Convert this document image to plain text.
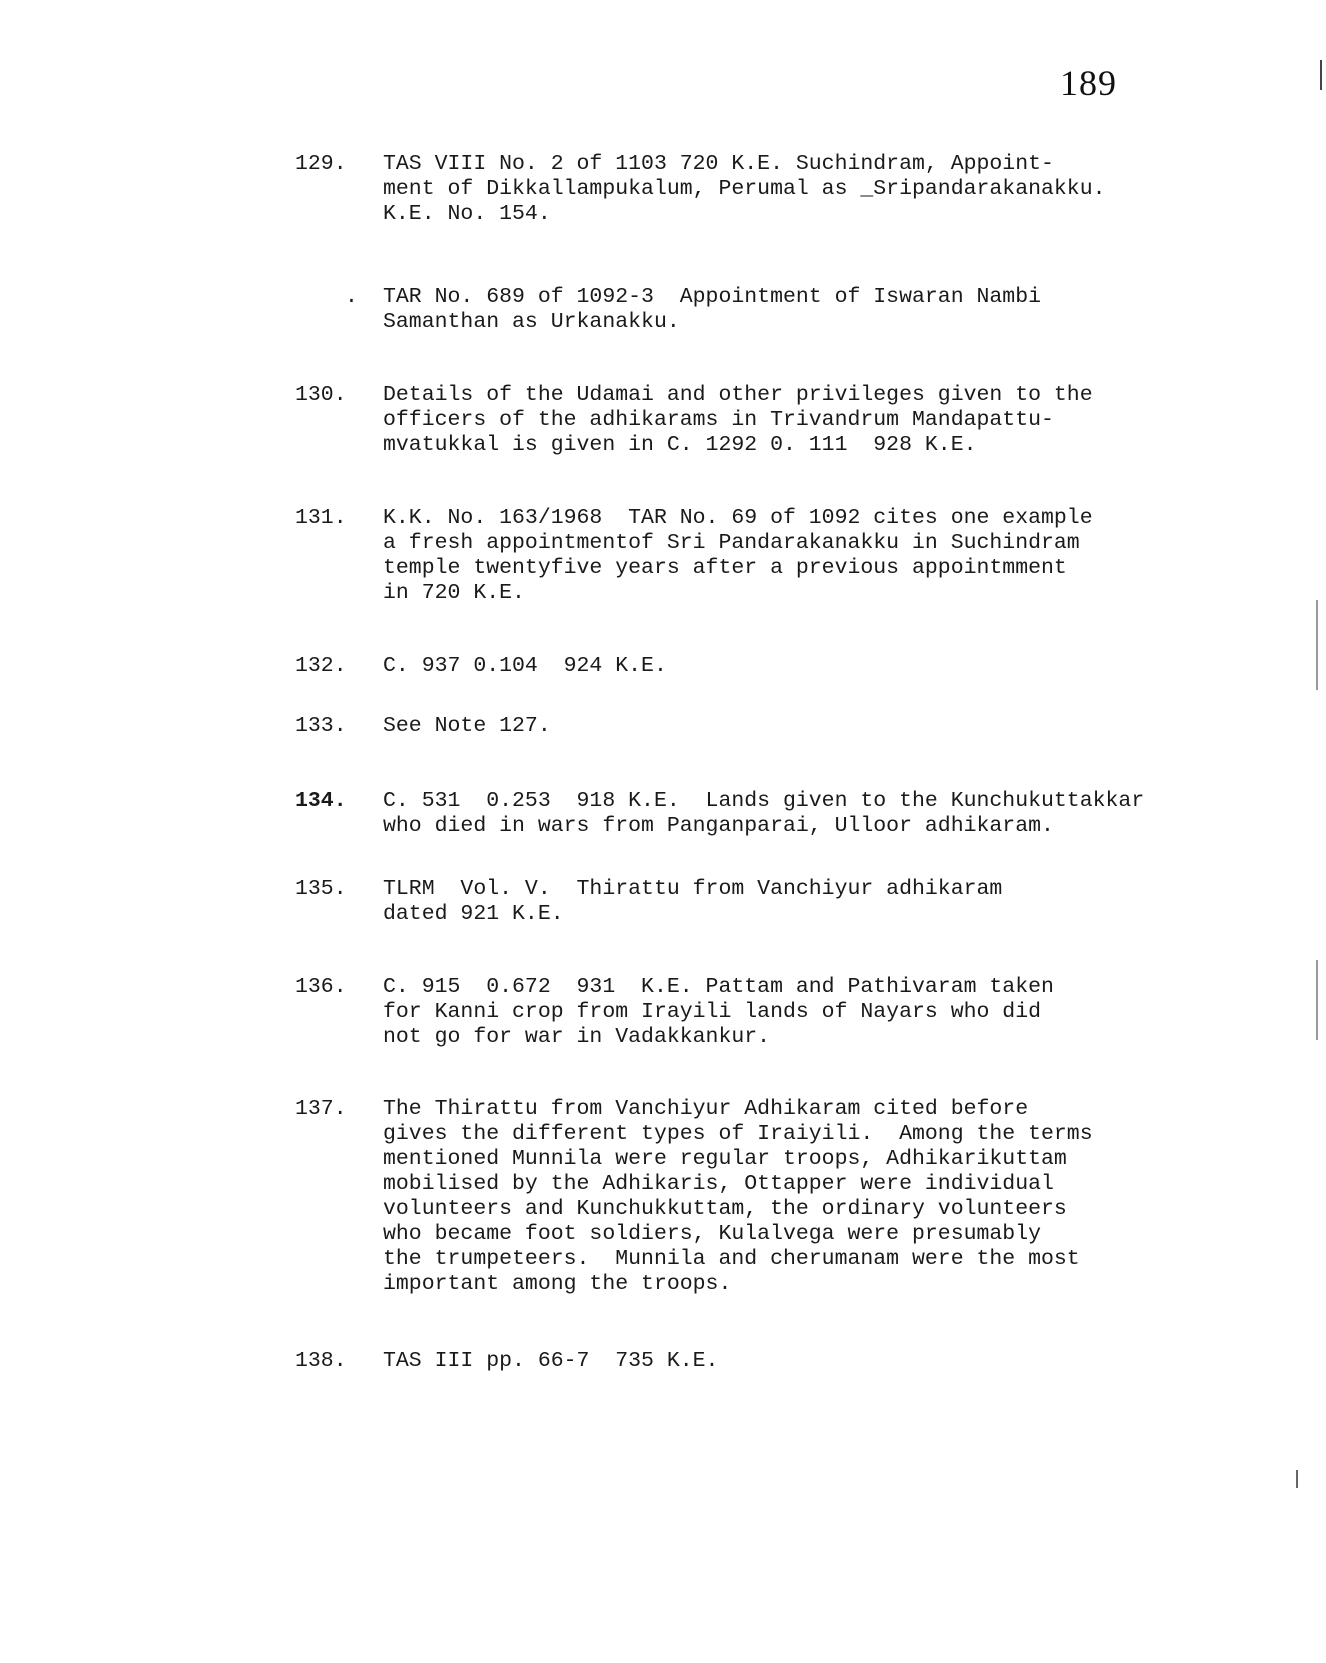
189
129.	TAS VIII No. 2 of 1103 720 K.E. Suchindram, Appoint-
ment of Dikkallampukalum, Perumal as _Sripandarakanakku.
K.E. No. 154.
.	TAR No. 689 of 1092-3  Appointment of Iswaran Nambi
Samanthan as Urkanakku.
130.	Details of the Udamai and other privileges given to the
officers of the adhikarams in Trivandrum Mandapattu-
mvatukkal is given in C. 1292 0. 111  928 K.E.
131.	K.K. No. 163/1968  TAR No. 69 of 1092 cites one example
a fresh appointmentof Sri Pandarakanakku in Suchindram
temple twentyfive years after a previous appointmment
in 720 K.E.
132.	C. 937 0.104  924 K.E.
133.	See Note 127.
134.	C. 531  0.253  918 K.E.  Lands given to the Kunchukuttakkar
who died in wars from Panganparai, Ulloor adhikaram.
135.	TLRM  Vol. V.  Thirattu from Vanchiyur adhikaram
dated 921 K.E.
136.	C. 915  0.672  931  K.E. Pattam and Pathivaram taken
for Kanni crop from Irayili lands of Nayars who did
not go for war in Vadakkankur.
137.	The Thirattu from Vanchiyur Adhikaram cited before
gives the different types of Iraiyili.  Among the terms
mentioned Munnila were regular troops, Adhikarikuttam
mobilised by the Adhikaris, Ottapper were individual
volunteers and Kunchukkuttam, the ordinary volunteers
who became foot soldiers, Kulalvega were presumably
the trumpeteers.  Munnila and cherumanam were the most
important among the troops.
138.	TAS III pp. 66-7  735 K.E.
